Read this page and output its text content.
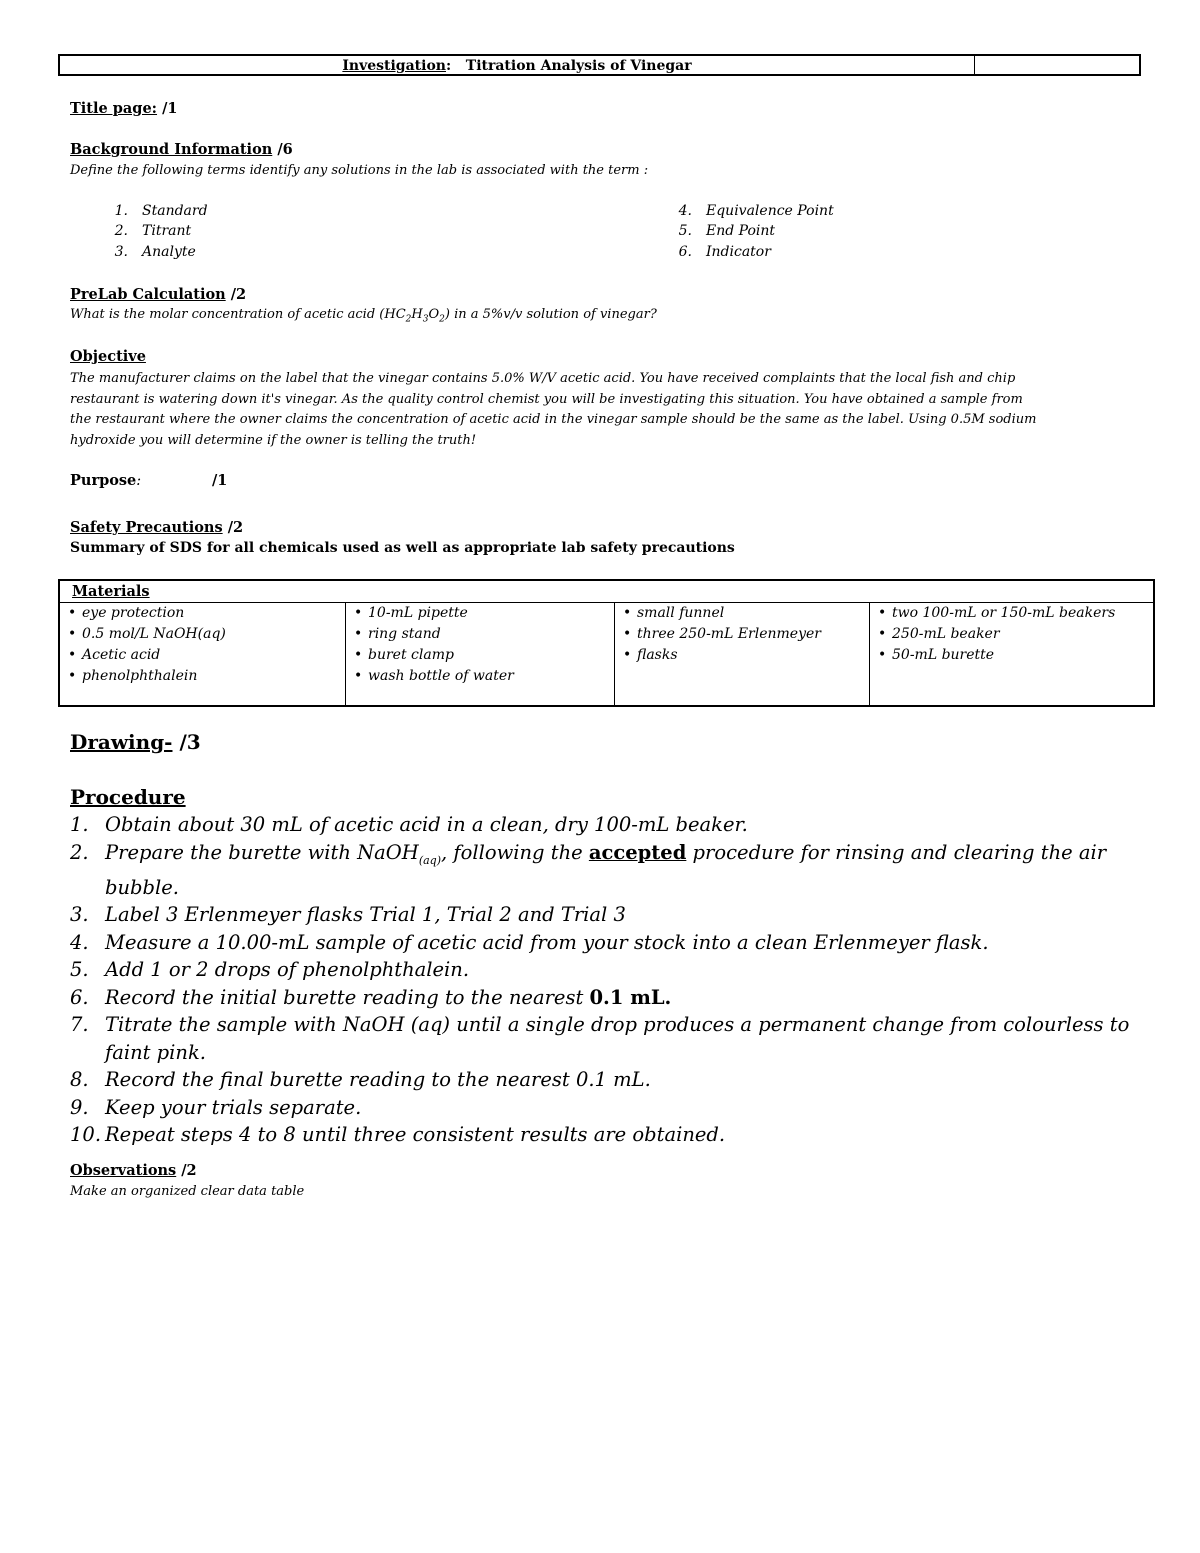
Investigation:   Titration Analysis of Vinegar
Title page: /1
Background Information /6
Define the following terms identify any solutions in the lab is associated with the term :
1. Standard
2. Titrant
3. Analyte
4. Equivalence Point
5. End Point
6. Indicator
PreLab Calculation /2
What is the molar concentration of acetic acid $(HC_2H_3O_2)$ in a 5%v/v solution of vinegar?
Objective
The manufacturer claims on the label that the vinegar contains 5.0% W/V acetic acid. You have received complaints that the local fish and chip
restaurant is watering down it's vinegar. As the quality control chemist you will be investigating this situation. You have obtained a sample from
the restaurant where the owner claims the concentration of acetic acid in the vinegar sample should be the same as the label. Using 0.5M sodium
hydroxide you will determine if the owner is telling the truth!
Purpose:	/1
Safety Precautions /2
Summary of SDS for all chemicals used as well as appropriate lab safety precautions
Materials
• eye protection
• 0.5 mol/L NaOH(aq)
• Acetic acid
• phenolphthalein
• 10-mL pipette
• ring stand
• buret clamp
• wash bottle of water
• small funnel
• three 250-mL Erlenmeyer
• flasks
• two 100-mL or 150-mL beakers
• 250-mL beaker
• 50-mL burette
Drawing- /3
Procedure
1. Obtain about 30 mL of acetic acid in a clean, dry 100-mL beaker.
2. Prepare the burette with NaOH$_{(aq)}$, following the accepted procedure for rinsing and clearing the air
bubble.
3. Label 3 Erlenmeyer flasks Trial 1, Trial 2 and Trial 3
4. Measure a 10.00-mL sample of acetic acid from your stock into a clean Erlenmeyer flask.
5. Add 1 or 2 drops of phenolphthalein.
6. Record the initial burette reading to the nearest 0.1 mL.
7. Titrate the sample with NaOH (aq) until a single drop produces a permanent change from colourless to
faint pink.
8. Record the final burette reading to the nearest 0.1 mL.
9. Keep your trials separate.
10. Repeat steps 4 to 8 until three consistent results are obtained.
Observations /2
Make an organized clear data table
